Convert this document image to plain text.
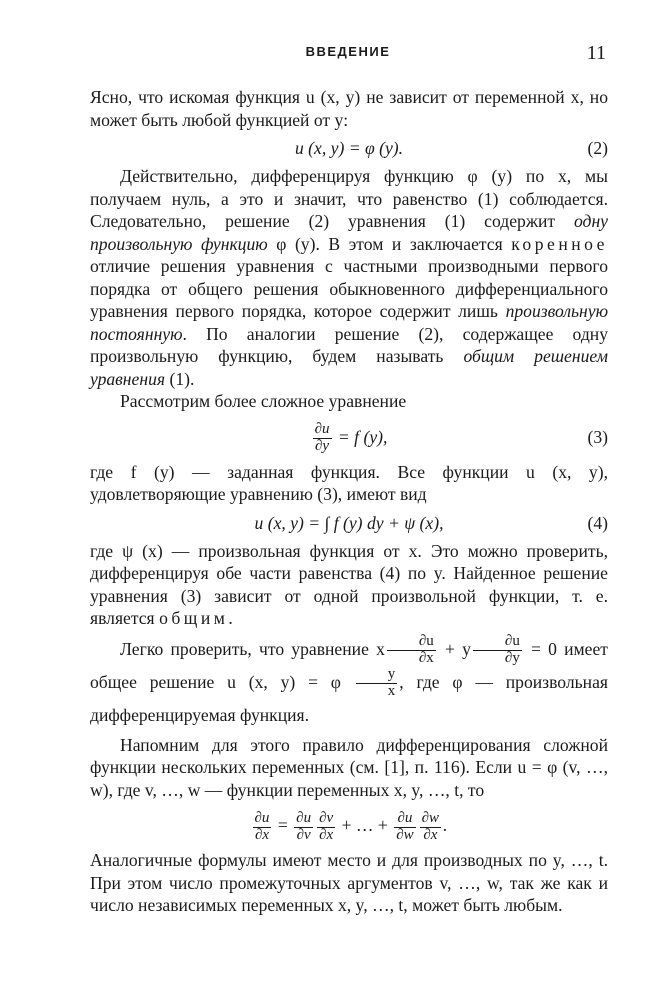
ВВЕДЕНИЕ	11

Ясно, что искомая функция u (x, y) не зависит от переменной x, но может быть любой функцией от y:

u (x, y) = φ (y).	(2)

Действительно, дифференцируя функцию φ (y) по x, мы получаем нуль, а это и значит, что равенство (1) соблюдается. Следовательно, решение (2) уравнения (1) содержит одну произвольную функцию φ (y). В этом и заключается коренное отличие решения уравнения с частными производными первого порядка от общего решения обыкновенного дифференциального уравнения первого порядка, которое содержит лишь произвольную постоянную. По аналогии решение (2), содержащее одну произвольную функцию, будем называть общим решением уравнения (1).

Рассмотрим более сложное уравнение

$\frac{\partial u}{\partial y} = f$ (y),	(3)

где f (y) — заданная функция. Все функции u (x, y), удовлетворяющие уравнению (3), имеют вид

u (x, y) = ∫ f (y) dy + ψ (x),	(4)

где ψ (x) — произвольная функция от x. Это можно проверить, дифференцируя обе части равенства (4) по y. Найденное решение уравнения (3) зависит от одной произвольной функции, т. е. является общим.

Легко проверить, что уравнение x $\frac{\partial u}{\partial x} + y \frac{\partial u}{\partial y} = 0$ имеет общее решение u (x, y) = φ $\frac{y}{x}$ , где φ — произвольная дифференцируемая функция.

Напомним для этого правило дифференцирования сложной функции нескольких переменных (см. [1], п. 116). Если u = φ (v, …, w), где v, …, w — функции переменных x, y, …, t, то

$\frac{\partial u}{\partial x} = \frac{\partial u}{\partial v} \frac{\partial v}{\partial x}$ + … + $\frac{\partial u}{\partial w} \frac{\partial w}{\partial x}$ .

Аналогичные формулы имеют место и для производных по y, …, t. При этом число промежуточных аргументов v, …, w, так же как и число независимых переменных x, y, …, t, может быть любым.
